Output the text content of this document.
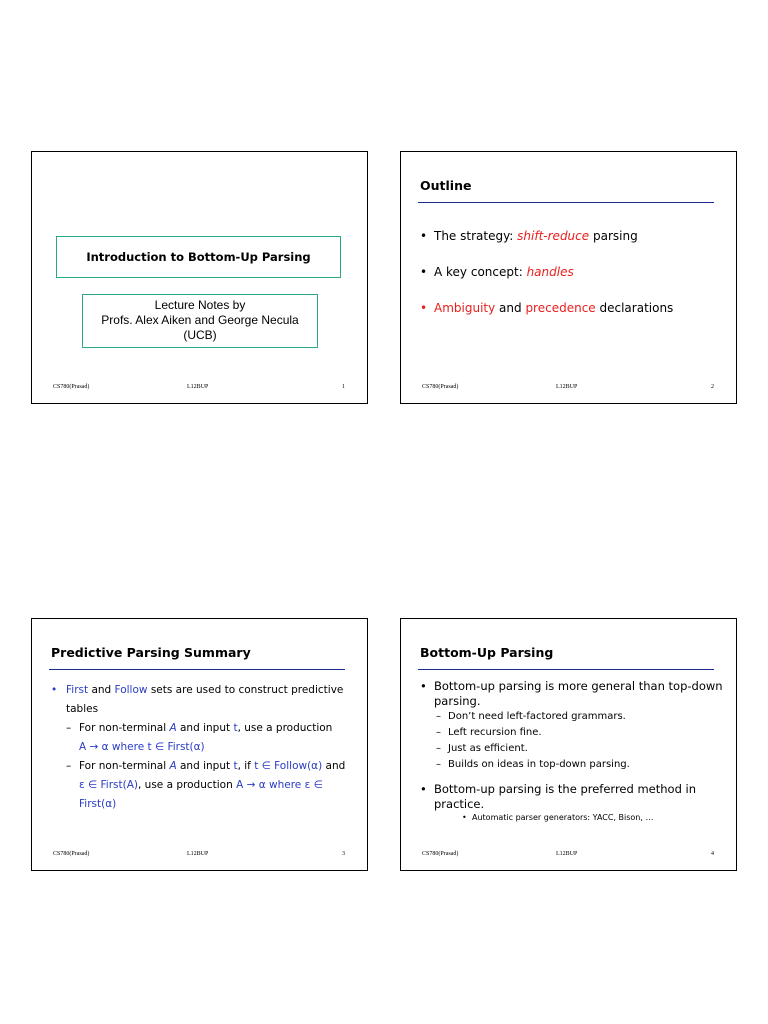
Introduction to Bottom-Up Parsing
Lecture Notes by
Profs. Alex Aiken and George Necula
(UCB)
CS780(Prasad)	L12BUP	1
Outline
• The strategy: shift-reduce parsing
• A key concept: handles
• Ambiguity and precedence declarations
CS780(Prasad)	L12BUP	2
Predictive Parsing Summary
• First and Follow sets are used to construct predictive tables
– For non-terminal A and input t, use a production
A → α where t ∈ First(α)
– For non-terminal A and input t, if t ∈ Follow(α) and
ε ∈ First(A), use a production A → α where ε ∈
First(α)
CS780(Prasad)	L12BUP	3
Bottom-Up Parsing
• Bottom-up parsing is more general than top-down parsing.
– Don’t need left-factored grammars.
– Left recursion fine.
– Just as efficient.
– Builds on ideas in top-down parsing.
• Bottom-up parsing is the preferred method in practice.
• Automatic parser generators: YACC, Bison, …
CS780(Prasad)	L12BUP	4
